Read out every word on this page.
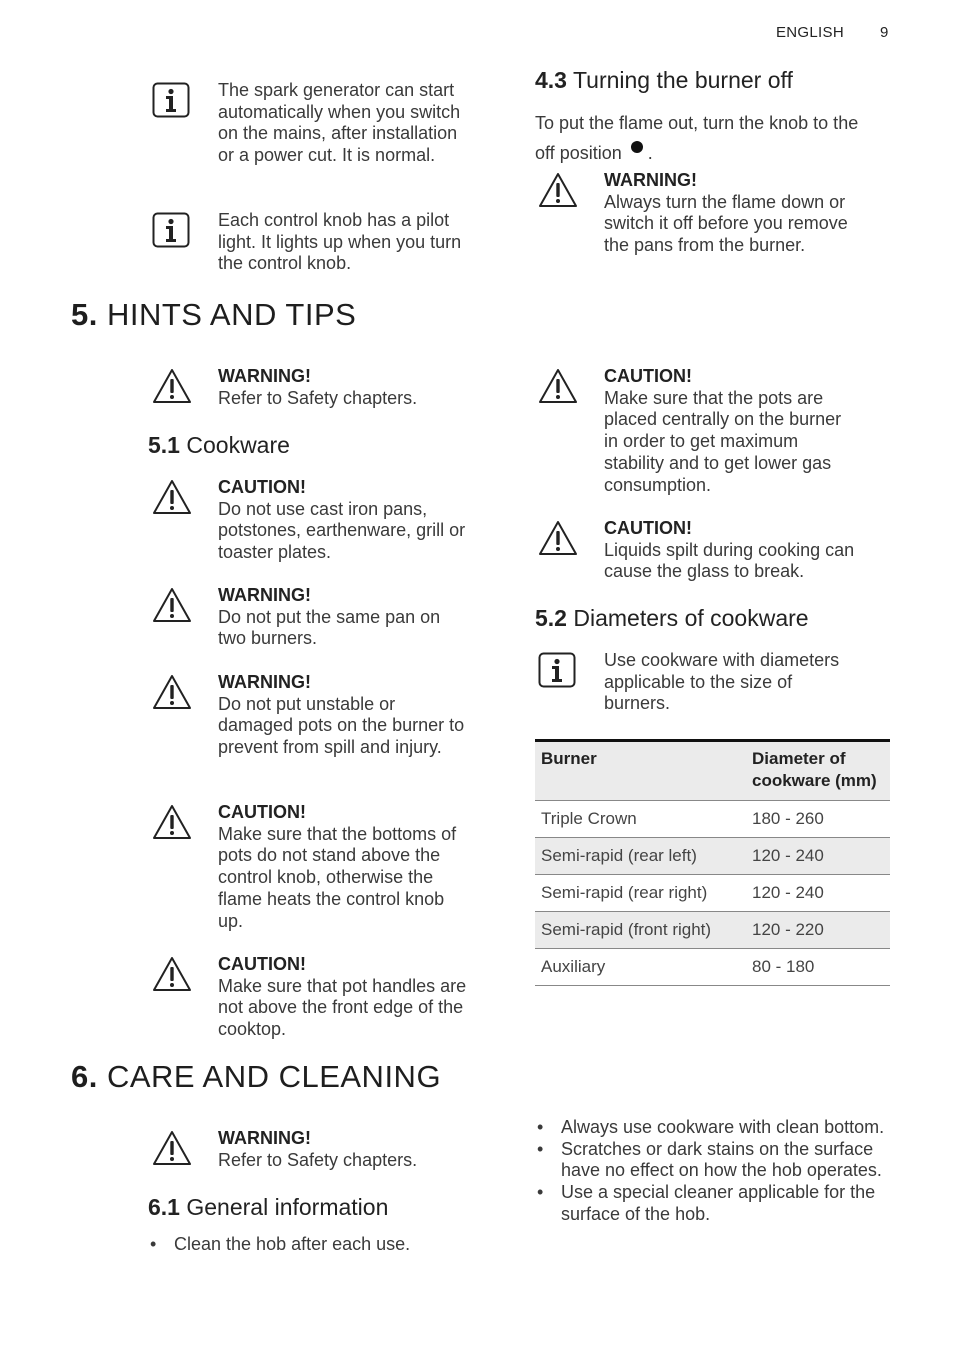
ENGLISH 9
The spark generator can start automatically when you switch on the mains, after installation or a power cut. It is normal.
Each control knob has a pilot light. It lights up when you turn the control knob.
4.3 Turning the burner off
To put the flame out, turn the knob to the off position .
WARNING!
Always turn the flame down or switch it off before you remove the pans from the burner.
5. HINTS AND TIPS
WARNING!
Refer to Safety chapters.
5.1 Cookware
CAUTION!
Do not use cast iron pans, potstones, earthenware, grill or toaster plates.
WARNING!
Do not put the same pan on two burners.
WARNING!
Do not put unstable or damaged pots on the burner to prevent from spill and injury.
CAUTION!
Make sure that the bottoms of pots do not stand above the control knob, otherwise the flame heats the control knob up.
CAUTION!
Make sure that pot handles are not above the front edge of the cooktop.
CAUTION!
Make sure that the pots are placed centrally on the burner in order to get maximum stability and to get lower gas consumption.
CAUTION!
Liquids spilt during cooking can cause the glass to break.
5.2 Diameters of cookware
Use cookware with diameters applicable to the size of burners.
Burner	Diameter of cookware (mm)
Triple Crown	180 - 260
Semi-rapid (rear left)	120 - 240
Semi-rapid (rear right)	120 - 240
Semi-rapid (front right)	120 - 220
Auxiliary	80 - 180
6. CARE AND CLEANING
WARNING!
Refer to Safety chapters.
6.1 General information
• Clean the hob after each use.
• Always use cookware with clean bottom.
• Scratches or dark stains on the surface have no effect on how the hob operates.
• Use a special cleaner applicable for the surface of the hob.
